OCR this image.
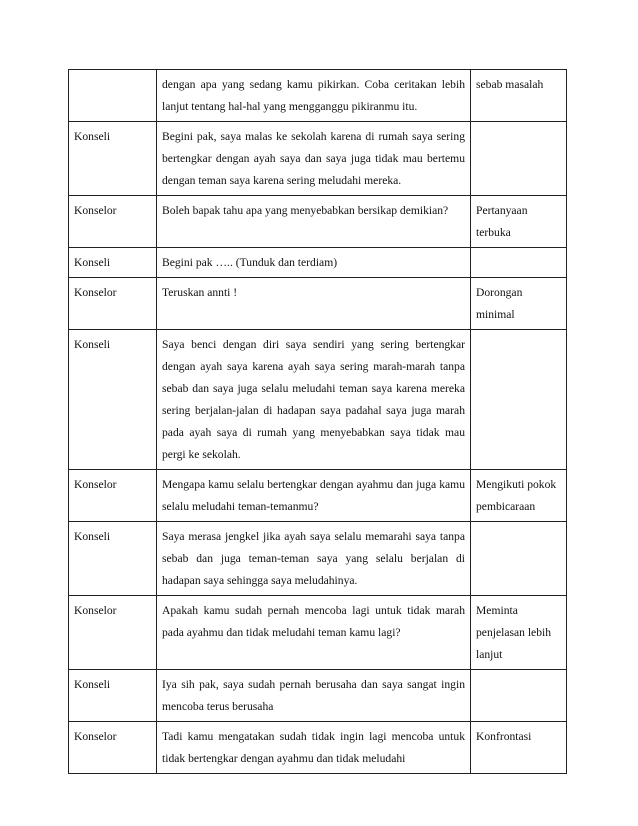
	dengan apa yang sedang kamu pikirkan. Coba ceritakan lebih lanjut tentang hal-hal yang mengganggu pikiranmu itu.	sebab masalah
Konseli	Begini pak, saya malas ke sekolah karena di rumah saya sering bertengkar dengan ayah saya dan saya juga tidak mau bertemu dengan teman saya karena sering meludahi mereka.	
Konselor	Boleh bapak tahu apa yang menyebabkan bersikap demikian?	Pertanyaan terbuka
Konseli	Begini pak ….. (Tunduk dan terdiam)	
Konselor	Teruskan annti !	Dorongan minimal
Konseli	Saya benci dengan diri saya sendiri yang sering bertengkar dengan ayah saya karena ayah saya sering marah-marah tanpa sebab dan saya juga selalu meludahi teman saya karena mereka sering berjalan-jalan di hadapan saya padahal saya juga marah pada ayah saya di rumah yang menyebabkan saya tidak mau pergi ke sekolah.	
Konselor	Mengapa kamu selalu bertengkar dengan ayahmu dan juga kamu selalu meludahi teman-temanmu?	Mengikuti pokok pembicaraan
Konseli	Saya merasa jengkel jika ayah saya selalu memarahi saya tanpa sebab dan juga teman-teman saya yang selalu berjalan di hadapan saya sehingga saya meludahinya.	
Konselor	Apakah kamu sudah pernah mencoba lagi untuk tidak marah pada ayahmu dan tidak meludahi teman kamu lagi?	Meminta penjelasan lebih lanjut
Konseli	Iya sih pak, saya sudah pernah berusaha dan saya sangat ingin mencoba terus berusaha	
Konselor	Tadi kamu mengatakan sudah tidak ingin lagi mencoba untuk tidak bertengkar dengan ayahmu dan tidak meludahi	Konfrontasi
